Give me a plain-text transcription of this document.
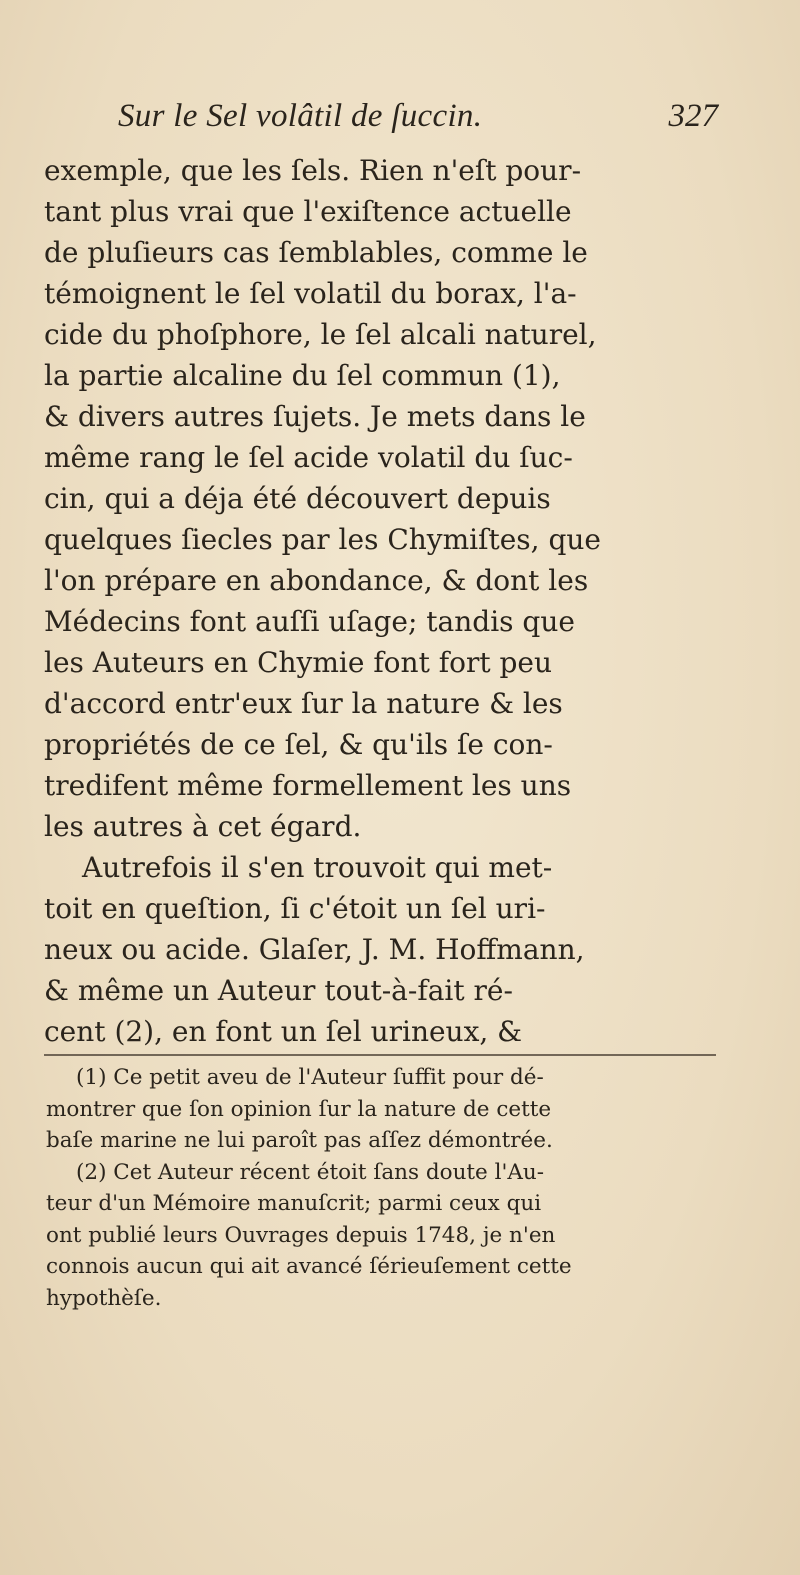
Sur le Sel volâtil de ſuccin.	327
exemple, que les ſels. Rien n'eſt pour-
tant plus vrai que l'exiſtence actuelle
de pluſieurs cas ſemblables, comme le
témoignent le ſel volatil du borax, l'a-
cide du phoſphore, le ſel alcali naturel,
la partie alcaline du ſel commun (1),
& divers autres ſujets. Je mets dans le
même rang le ſel acide volatil du ſuc-
cin, qui a déja été découvert depuis
quelques ſiecles par les Chymiſtes, que
l'on prépare en abondance, & dont les
Médecins font auſſi uſage; tandis que
les Auteurs en Chymie font fort peu
d'accord entr'eux ſur la nature & les
propriétés de ce ſel, & qu'ils ſe con-
tredifent même formellement les uns
les autres à cet égard.
Autrefois il s'en trouvoit qui met-
toit en queſtion, ſi c'étoit un ſel uri-
neux ou acide. Glaſer, J. M. Hoffmann,
& même un Auteur tout-à-fait ré-
cent (2), en font un ſel urineux, &
(1) Ce petit aveu de l'Auteur ſuffit pour dé-
montrer que ſon opinion ſur la nature de cette
baſe marine ne lui paroît pas aſſez démontrée.
(2) Cet Auteur récent étoit ſans doute l'Au-
teur d'un Mémoire manuſcrit; parmi ceux qui
ont publié leurs Ouvrages depuis 1748, je n'en
connois aucun qui ait avancé ſérieuſement cette
hypothèſe.
